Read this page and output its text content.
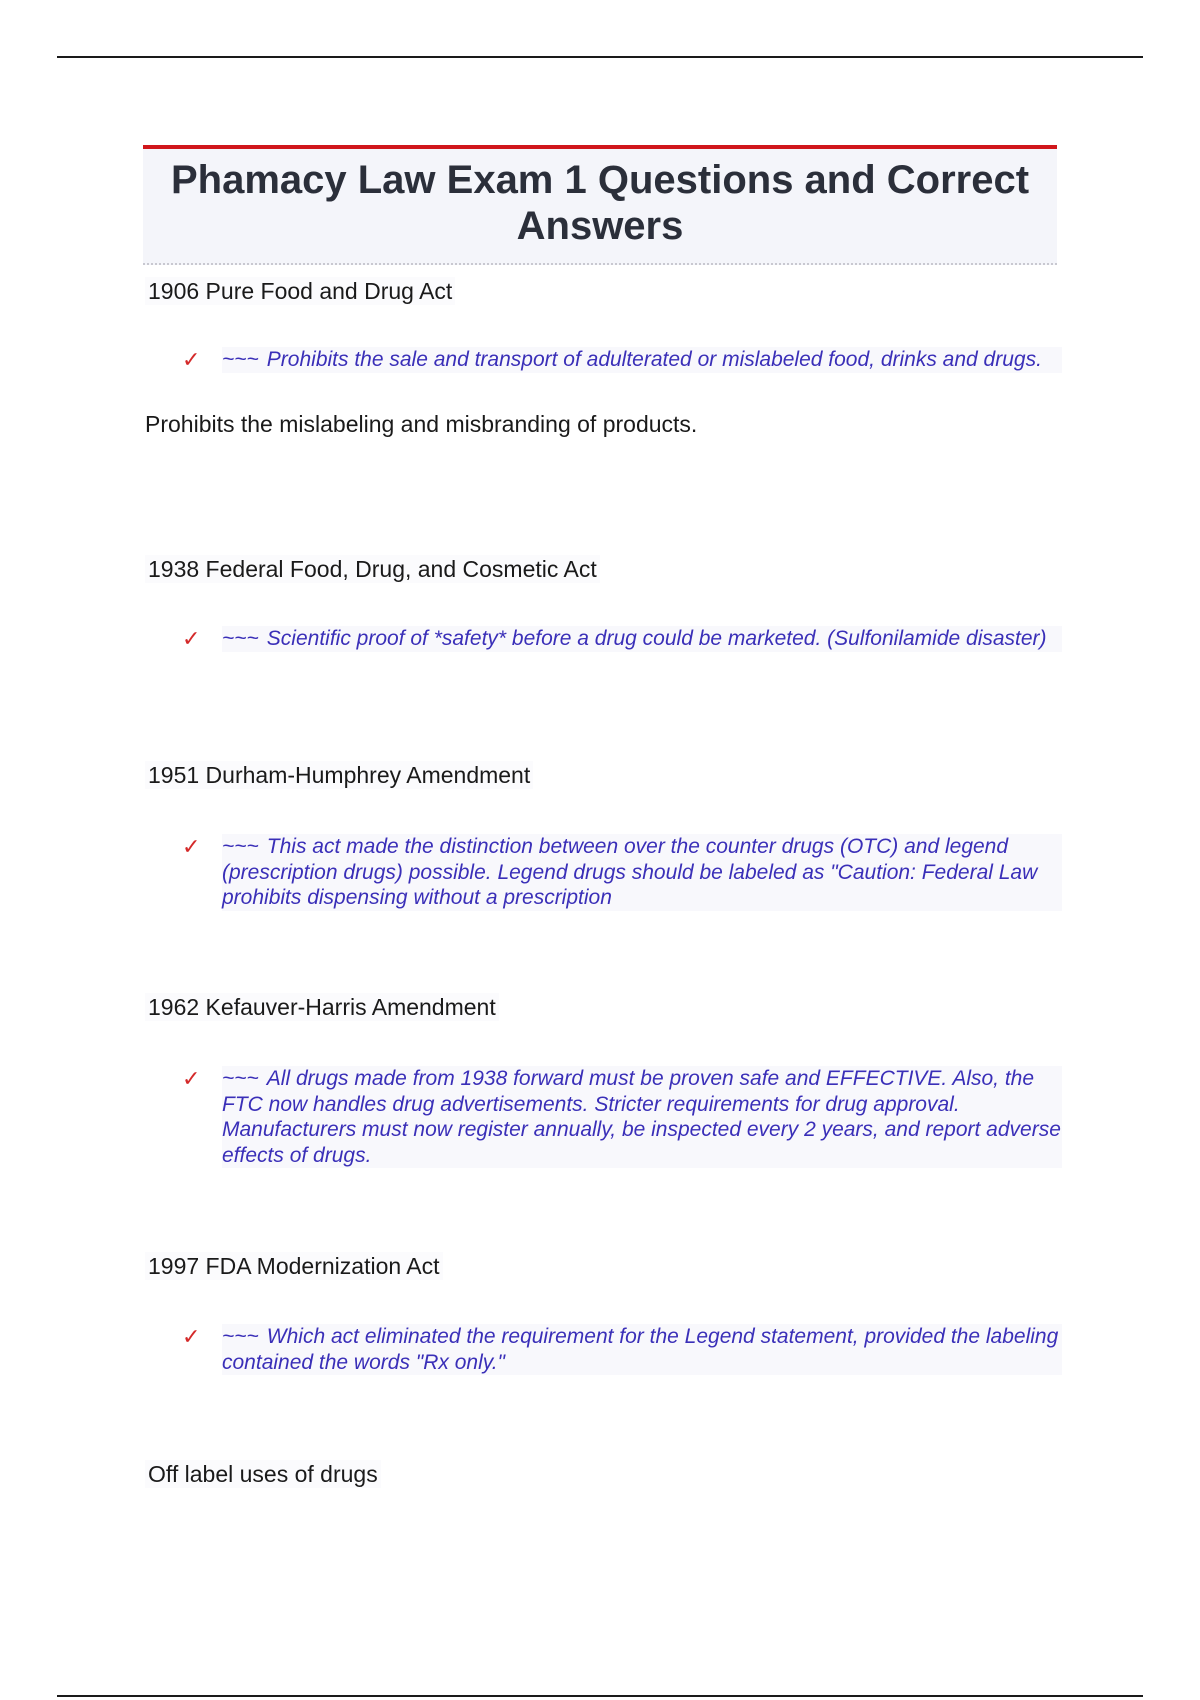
Phamacy Law Exam 1 Questions and Correct Answers

1906 Pure Food and Drug Act

✓ ~~~ Prohibits the sale and transport of adulterated or mislabeled food, drinks and drugs.

Prohibits the mislabeling and misbranding of products.

1938 Federal Food, Drug, and Cosmetic Act

✓ ~~~ Scientific proof of *safety* before a drug could be marketed. (Sulfonilamide disaster)

1951 Durham-Humphrey Amendment

✓ ~~~ This act made the distinction between over the counter drugs (OTC) and legend (prescription drugs) possible. Legend drugs should be labeled as "Caution: Federal Law prohibits dispensing without a prescription

1962 Kefauver-Harris Amendment

✓ ~~~ All drugs made from 1938 forward must be proven safe and EFFECTIVE. Also, the FTC now handles drug advertisements. Stricter requirements for drug approval. Manufacturers must now register annually, be inspected every 2 years, and report adverse effects of drugs.

1997 FDA Modernization Act

✓ ~~~ Which act eliminated the requirement for the Legend statement, provided the labeling contained the words "Rx only."

Off label uses of drugs
